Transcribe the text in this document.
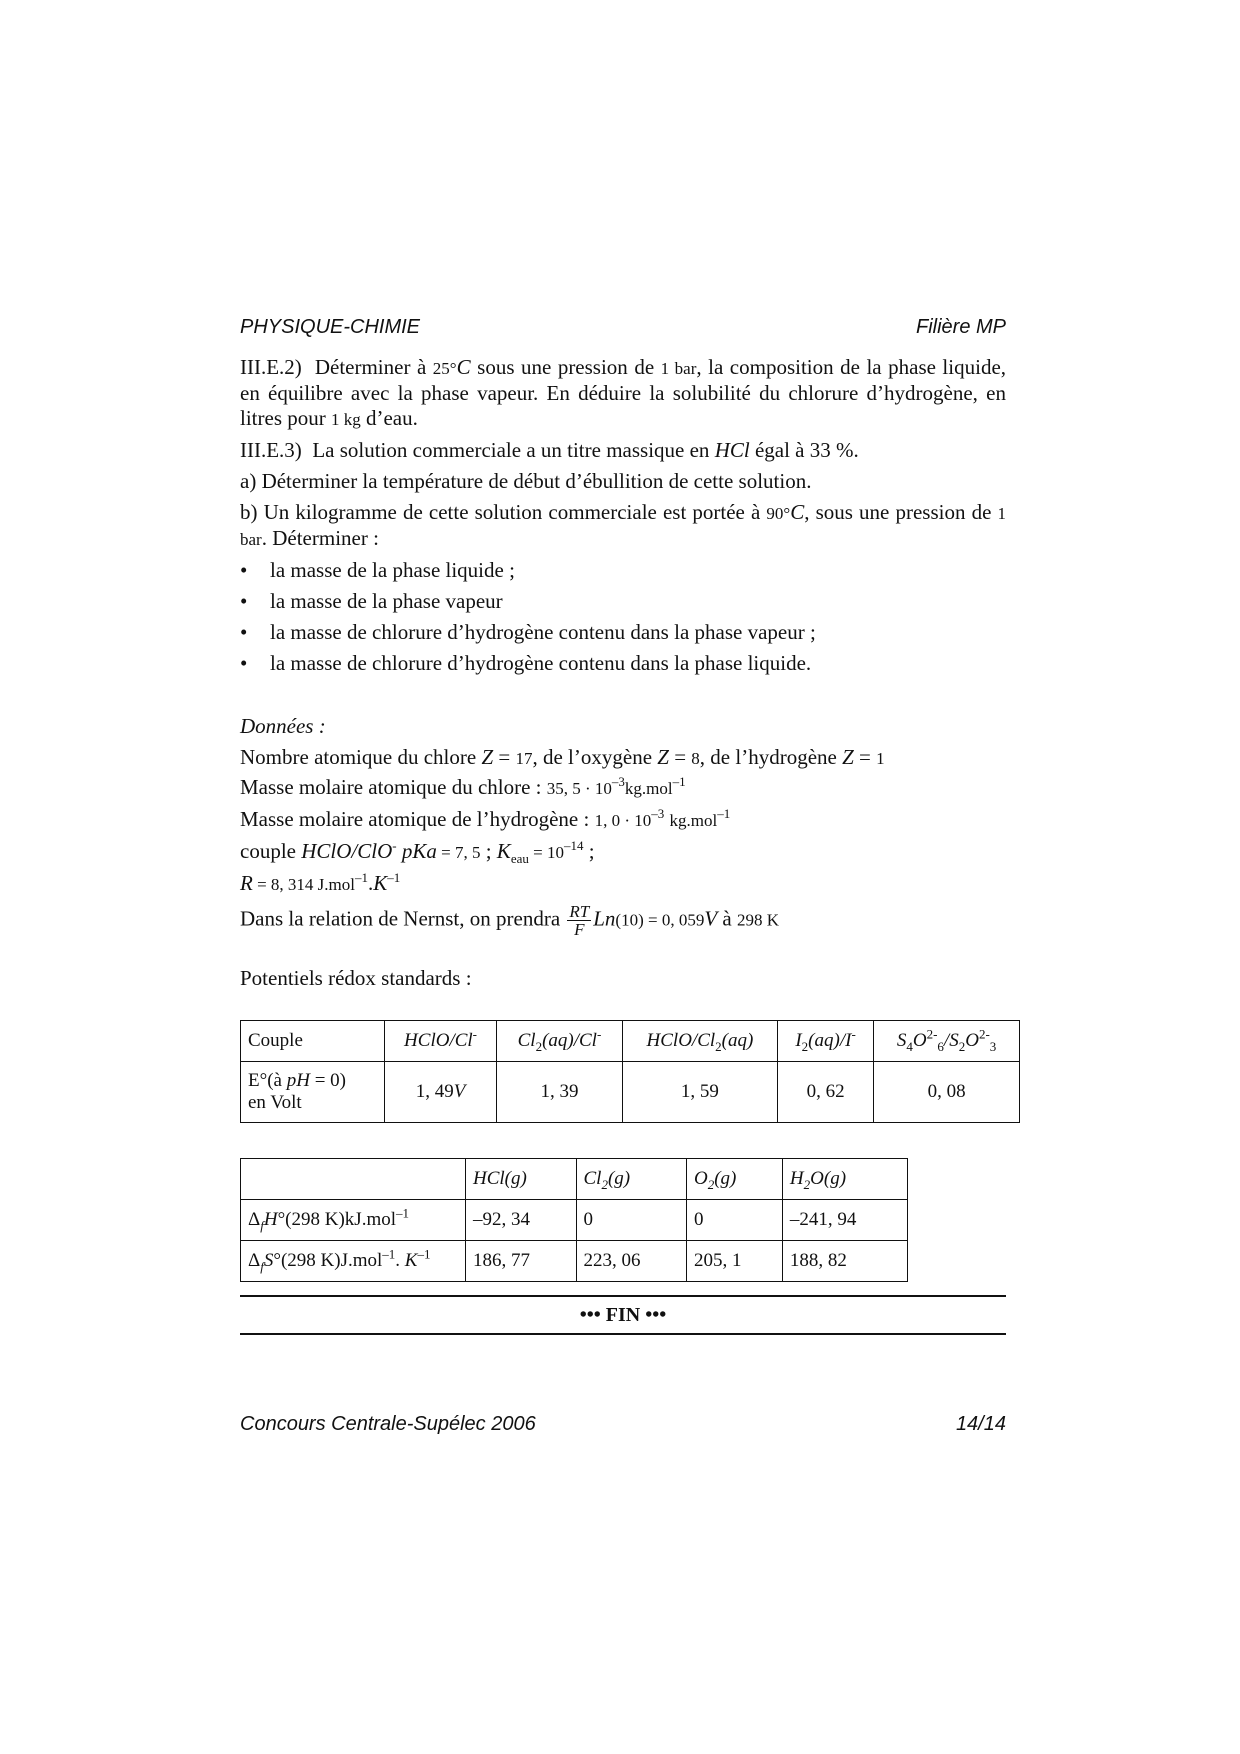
PHYSIQUE-CHIMIE	Filière MP

III.E.2) Déterminer à 25°C sous une pression de 1 bar, la composition de la phase liquide, en équilibre avec la phase vapeur. En déduire la solubilité du chlorure d’hydrogène, en litres pour 1 kg d’eau.

III.E.3) La solution commerciale a un titre massique en HCl égal à 33 %.

a) Déterminer la température de début d’ébullition de cette solution.

b) Un kilogramme de cette solution commerciale est portée à 90°C, sous une pression de 1 bar. Déterminer :

•	la masse de la phase liquide ;
•	la masse de la phase vapeur
•	la masse de chlorure d’hydrogène contenu dans la phase vapeur ;
•	la masse de chlorure d’hydrogène contenu dans la phase liquide.

Données :

Nombre atomique du chlore Z = 17, de l’oxygène Z = 8, de l’hydrogène Z = 1
Masse molaire atomique du chlore : 35, $5 \cdot 10^{-3}kg.mol^{-1}$
Masse molaire atomique de l’hydrogène : 1, $0 \cdot 10^{-3}$ kg.mol$^{-1}$
couple HClO/ClO- pKa = 7, 5 ; $K_{eau} = 10^{-14}$ ;
R = 8, 314 $J.mol^{-1}.K^{-1}$
Dans la relation de Nernst, on prendra $\frac{RT}{F} Ln(10) = 0$, 059V à 298 K

Potentiels rédox standards :

Couple	HClO/Cl-	$Cl_2(aq)/Cl^-$	HClO/$Cl_2(aq)$	$I_2(aq)/I^-$	$S_4O^{2-}_6/S_2O^{2-}_3$
E°(à pH = 0)
en Volt	1, 49V	1, 39	1, 59	0, 62	0, 08
	HCl(g)	$Cl_2(g)$	$O_2(g)$	$H_2O(g)$
$\Delta_fH^\circ(298$ K)kJ.mol$^{-1}$	–92, 34	0	0	–241, 94
$\Delta_fS^\circ(298$ K)J.mol$^{-1}$. $K^{-1}$	186, 77	223, 06	205, 1	188, 82
••• FIN •••
Concours Centrale-Supélec 2006	14/14
